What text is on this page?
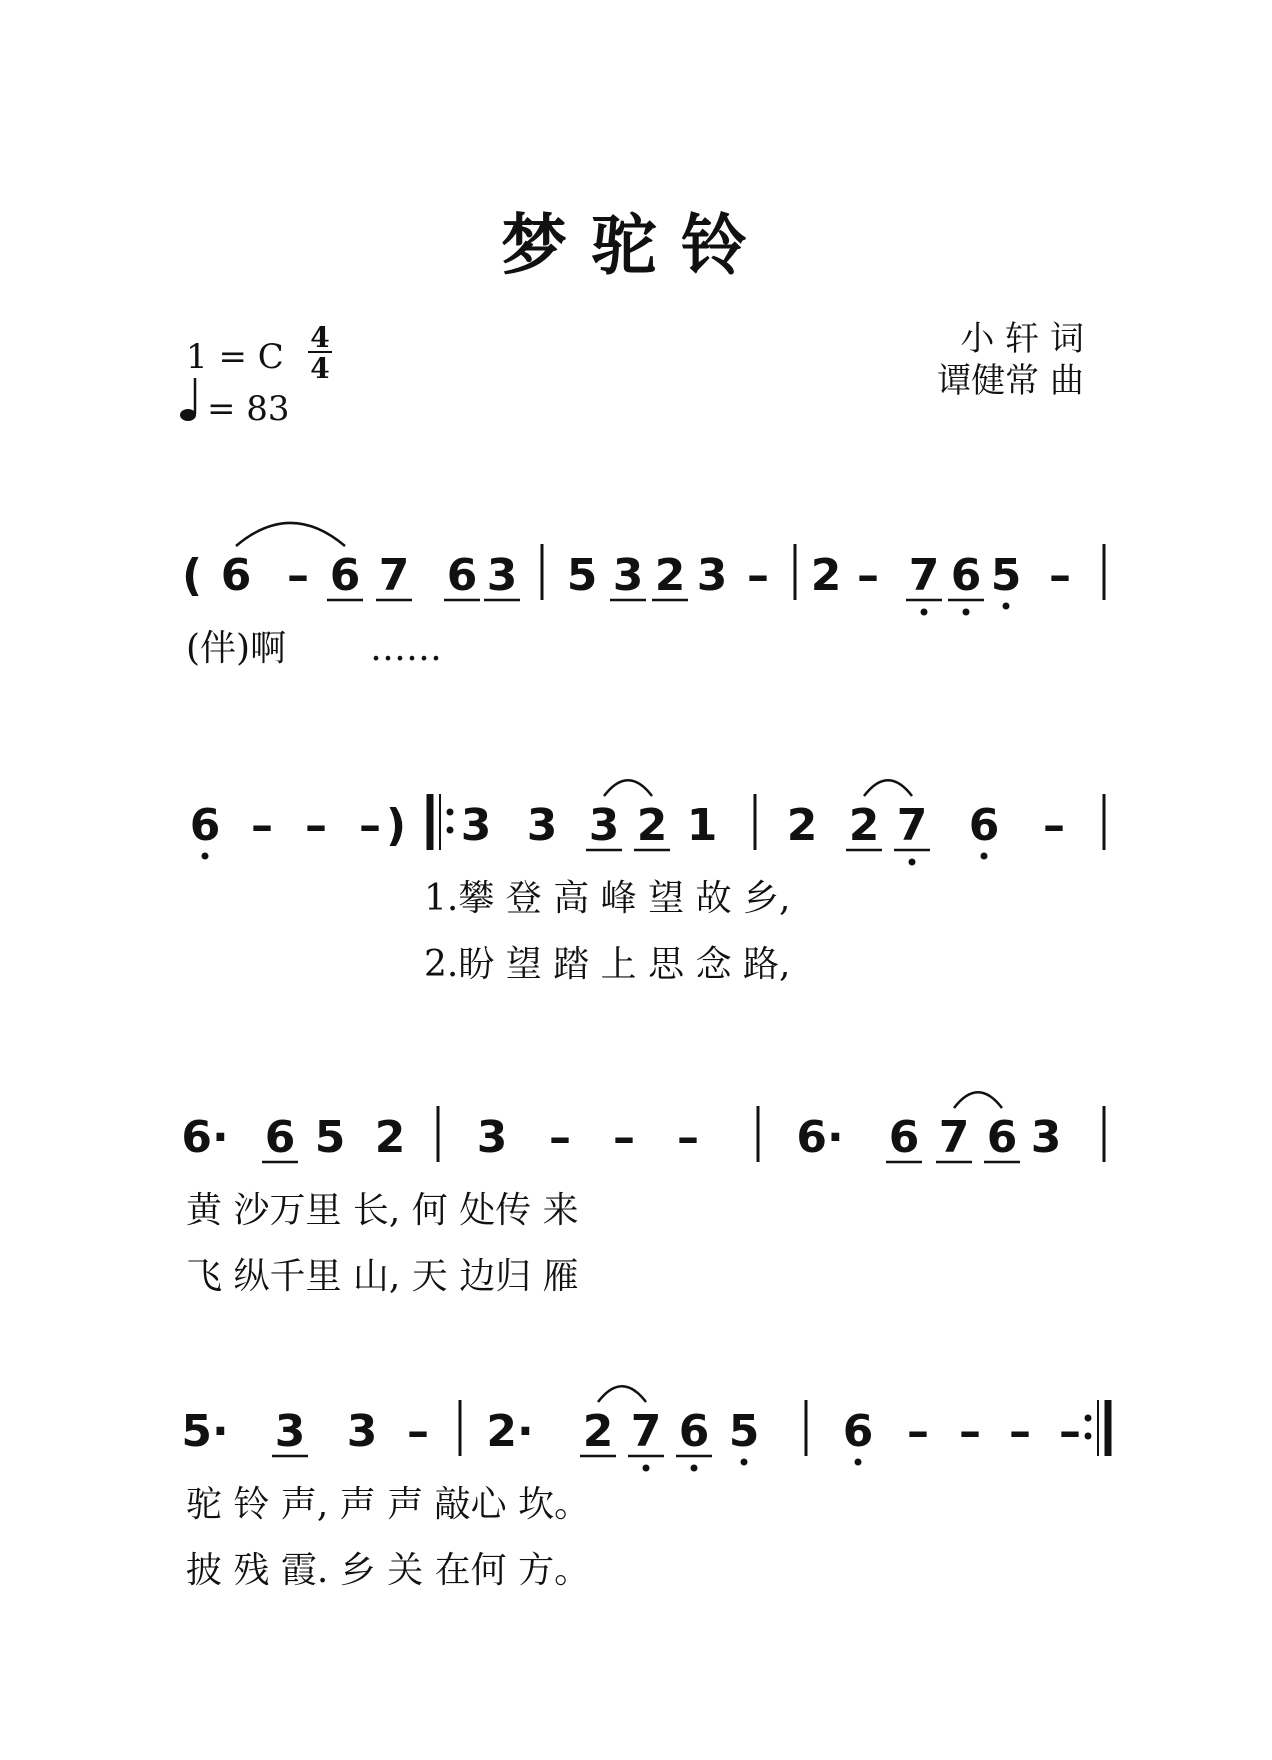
梦驼铃
1 = C 4
4
= 83
小 轩 词
谭健常 曲
( 6 – 6 7 6 3 5 3 2 3 – 2 – 7 6 5 –
(伴)啊 ……
6 – – – ) 3 3 3 2 1 2 2 7 6 –
1.攀 登 高 峰 望 故 乡,
2.盼 望 踏 上 思 念 路,
6· 6 5 2 3 – – – 6· 6 7 6 3
黄 沙万里 长, 何 处传 来
飞 纵千里 山, 天 边归 雁
5· 3 3 – 2· 2 7 6 5 6 – – – –
驼 铃 声, 声 声 敲心 坎。
披 残 霞. 乡 关 在何 方。
